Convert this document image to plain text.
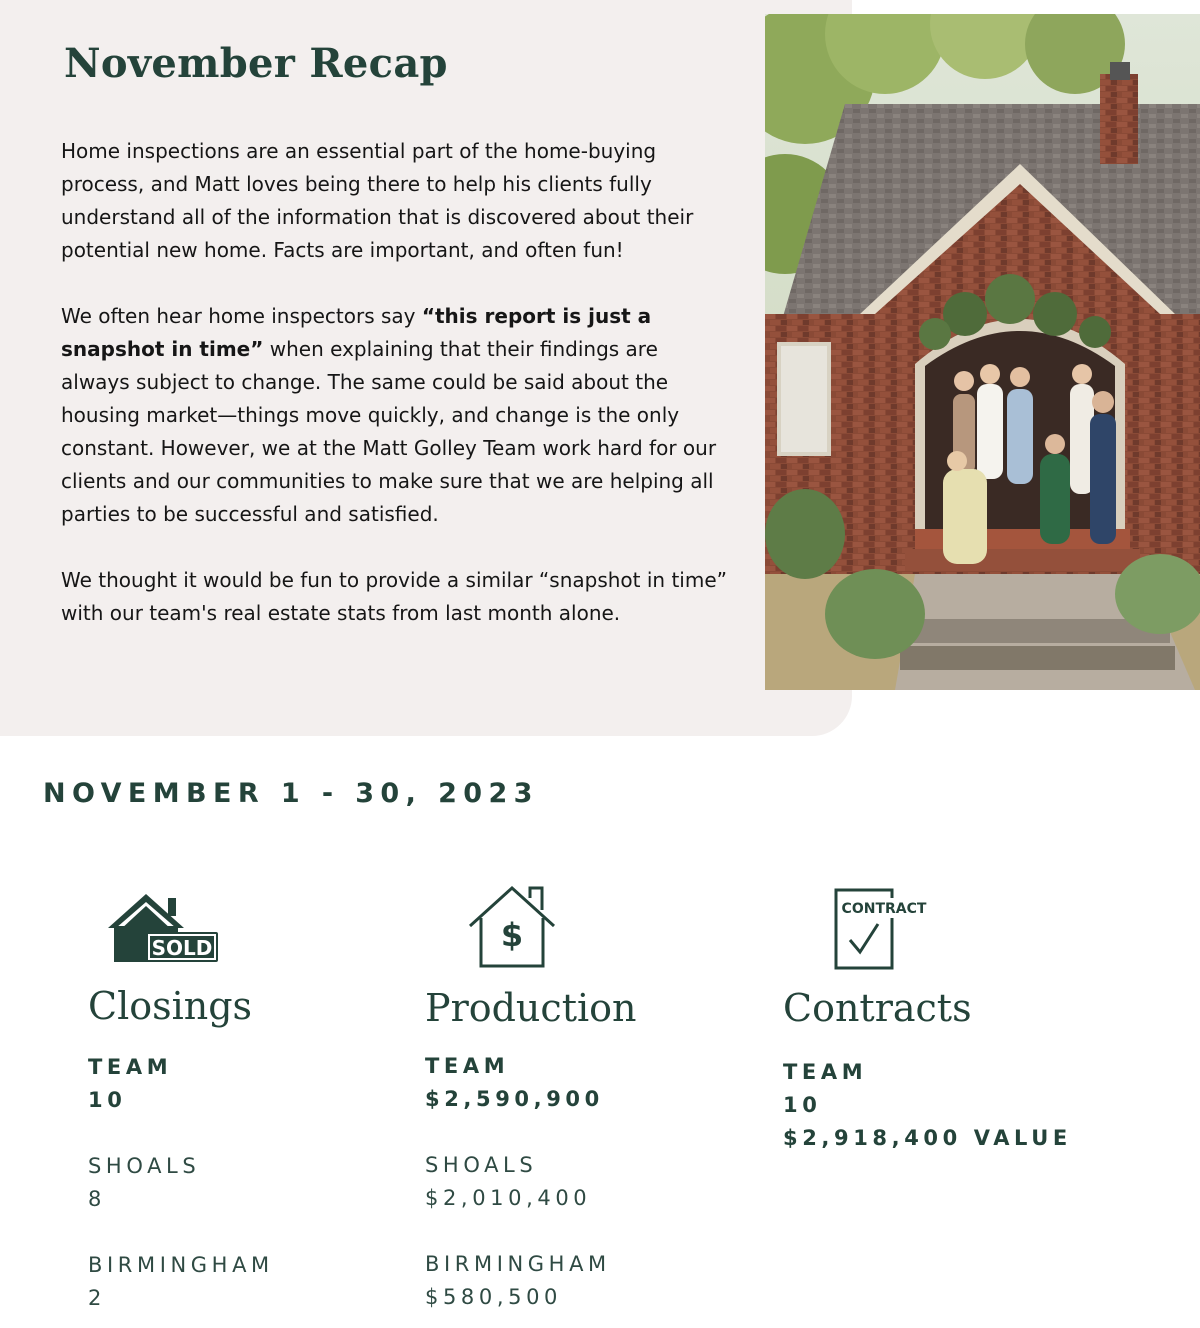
November Recap

Home inspections are an essential part of the home-buying process, and Matt loves being there to help his clients fully understand all of the information that is discovered about their potential new home. Facts are important, and often fun!

We often hear home inspectors say “this report is just a snapshot in time” when explaining that their findings are always subject to change. The same could be said about the housing market—things move quickly, and change is the only constant. However, we at the Matt Golley Team work hard for our clients and our communities to make sure that we are helping all parties to be successful and satisfied.

We thought it would be fun to provide a similar “snapshot in time” with our team's real estate stats from last month alone.

NOVEMBER 1 - 30, 2023
SOLD
Closings
TEAM
10
SHOALS
8
BIRMINGHAM
2
$
Production
TEAM
$2,590,900
SHOALS
$2,010,400
BIRMINGHAM
$580,500
CONTRACT
Contracts
TEAM
10
$2,918,400 VALUE
